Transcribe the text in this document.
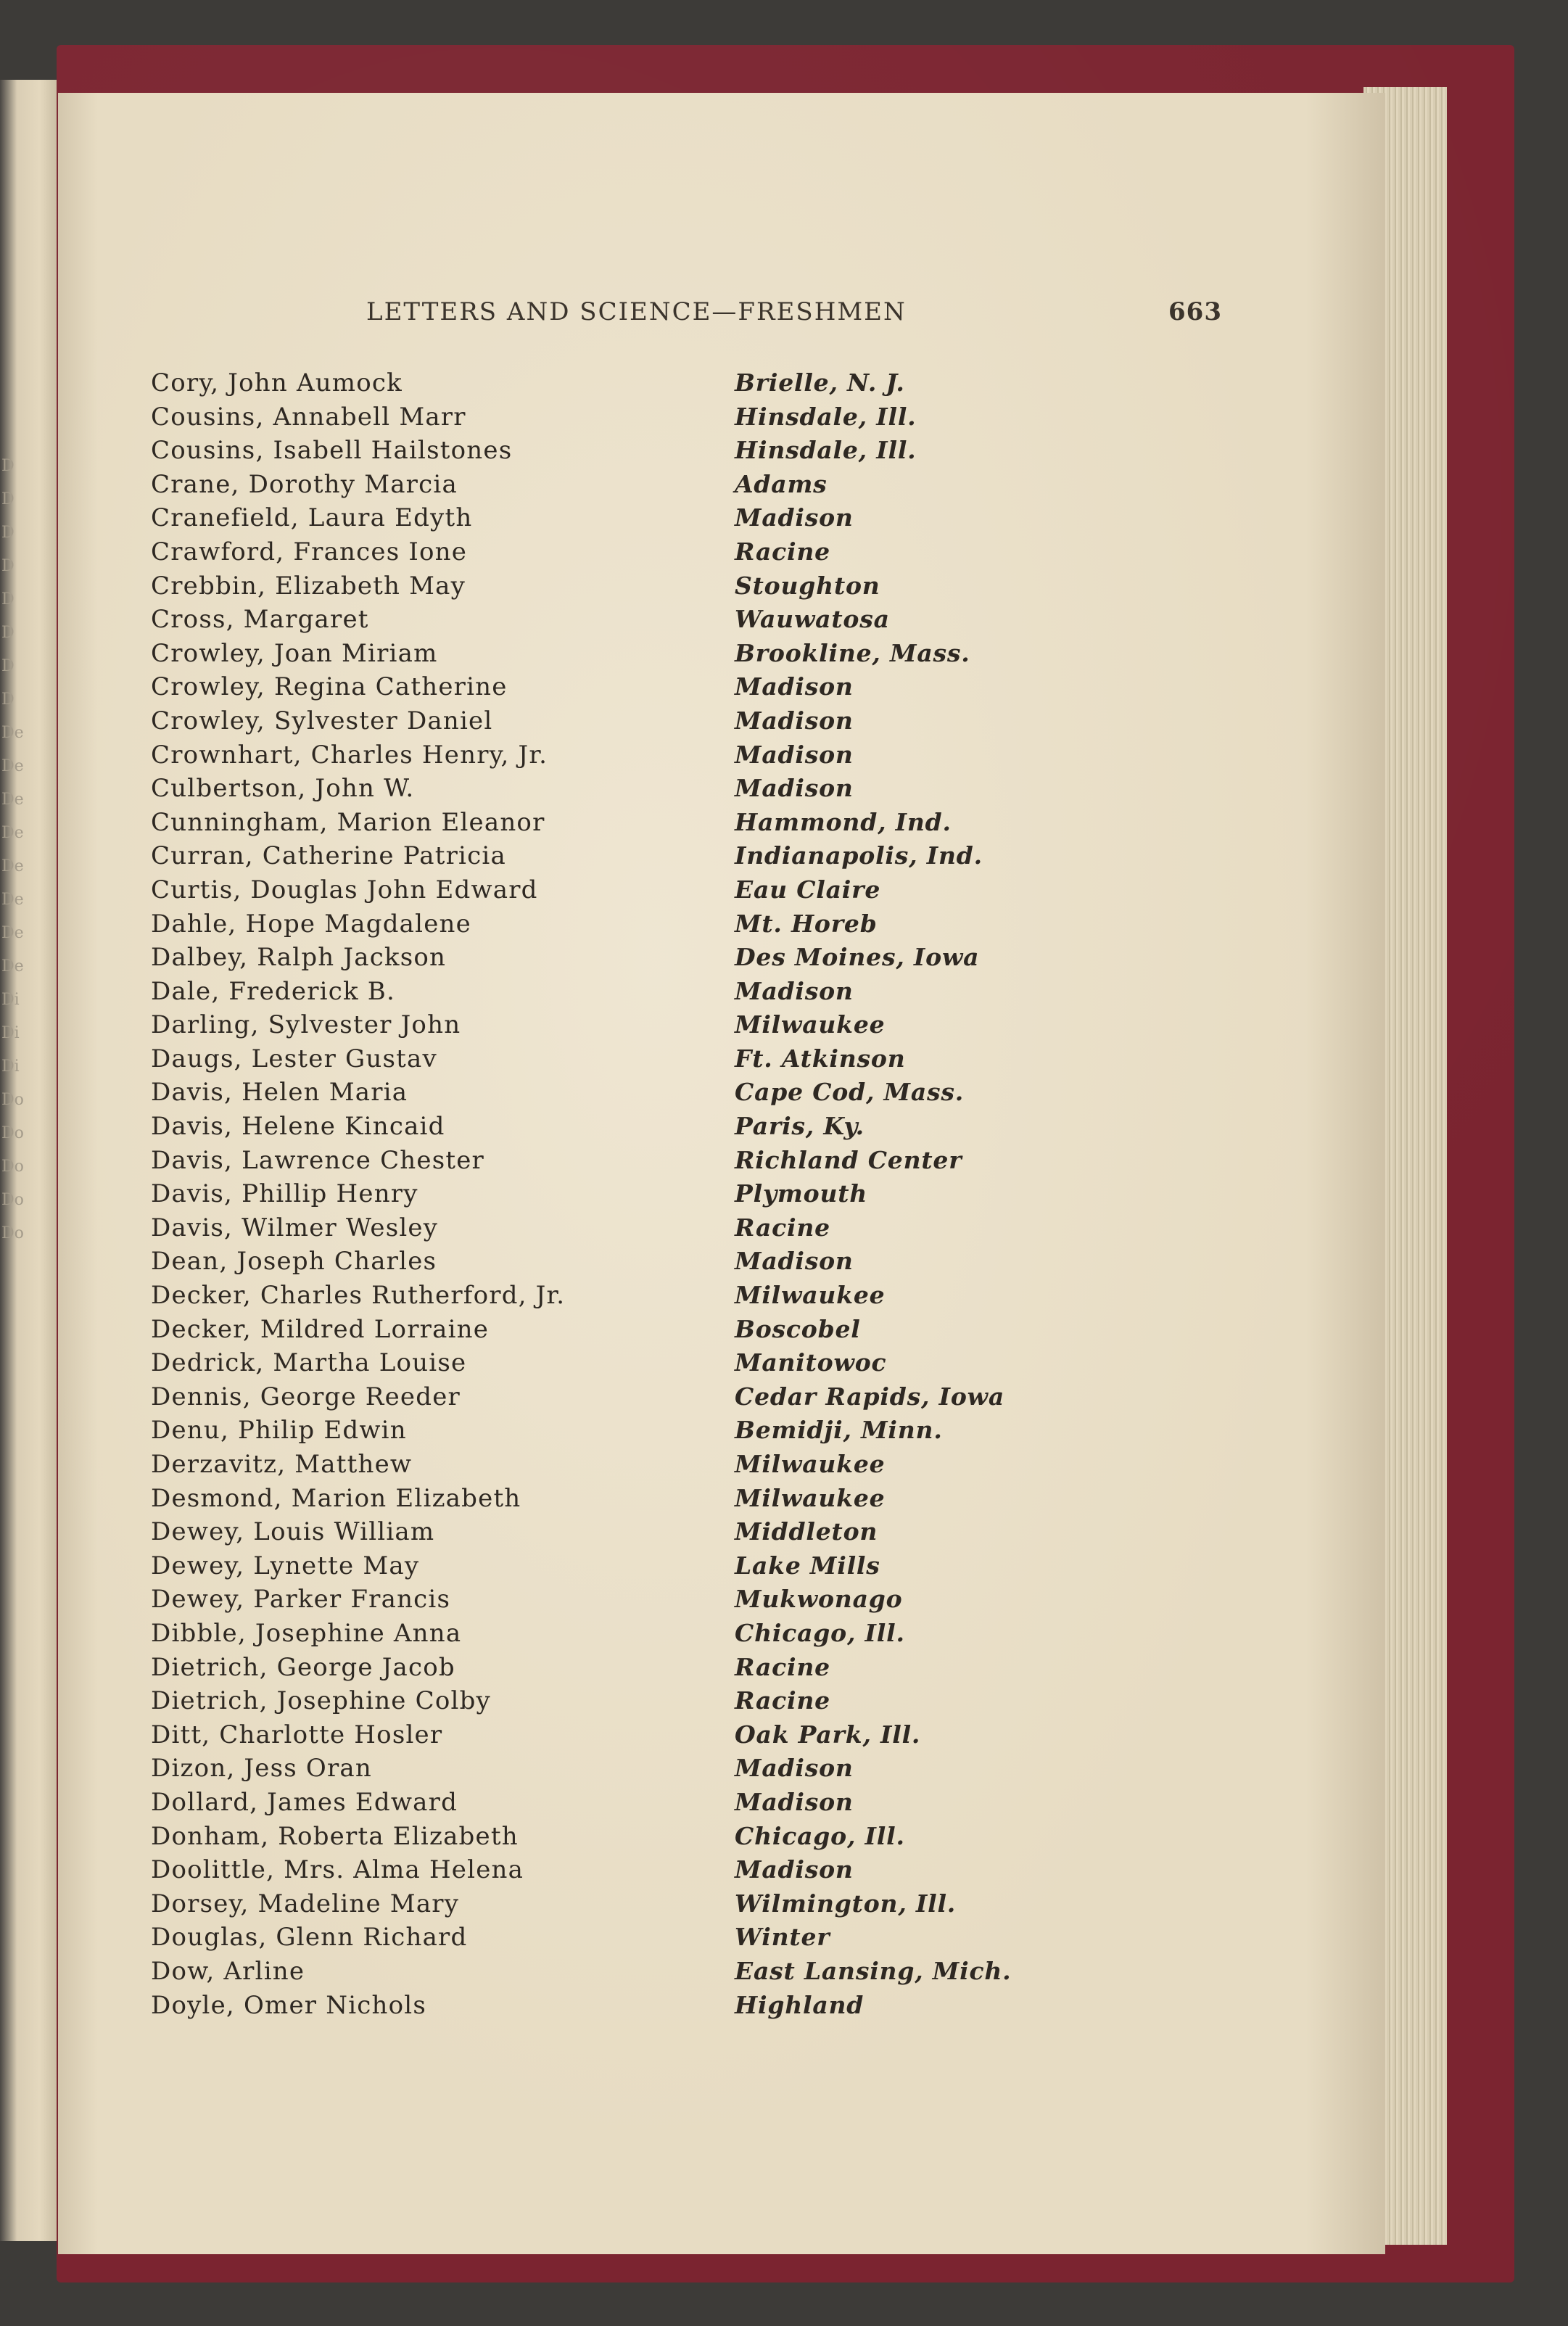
D
D
D
D
D
D
D
D
De
De
De
De
De
De
De
De
Di
Di
Di
Do
Do
Do
Do
Do
LETTERS AND SCIENCE—FRESHMEN	663
Cory, John Aumock	Brielle, N. J.
Cousins, Annabell Marr	Hinsdale, Ill.
Cousins, Isabell Hailstones	Hinsdale, Ill.
Crane, Dorothy Marcia	Adams
Cranefield, Laura Edyth	Madison
Crawford, Frances Ione	Racine
Crebbin, Elizabeth May	Stoughton
Cross, Margaret	Wauwatosa
Crowley, Joan Miriam	Brookline, Mass.
Crowley, Regina Catherine	Madison
Crowley, Sylvester Daniel	Madison
Crownhart, Charles Henry, Jr.	Madison
Culbertson, John W.	Madison
Cunningham, Marion Eleanor	Hammond, Ind.
Curran, Catherine Patricia	Indianapolis, Ind.
Curtis, Douglas John Edward	Eau Claire
Dahle, Hope Magdalene	Mt. Horeb
Dalbey, Ralph Jackson	Des Moines, Iowa
Dale, Frederick B.	Madison
Darling, Sylvester John	Milwaukee
Daugs, Lester Gustav	Ft. Atkinson
Davis, Helen Maria	Cape Cod, Mass.
Davis, Helene Kincaid	Paris, Ky.
Davis, Lawrence Chester	Richland Center
Davis, Phillip Henry	Plymouth
Davis, Wilmer Wesley	Racine
Dean, Joseph Charles	Madison
Decker, Charles Rutherford, Jr.	Milwaukee
Decker, Mildred Lorraine	Boscobel
Dedrick, Martha Louise	Manitowoc
Dennis, George Reeder	Cedar Rapids, Iowa
Denu, Philip Edwin	Bemidji, Minn.
Derzavitz, Matthew	Milwaukee
Desmond, Marion Elizabeth	Milwaukee
Dewey, Louis William	Middleton
Dewey, Lynette May	Lake Mills
Dewey, Parker Francis	Mukwonago
Dibble, Josephine Anna	Chicago, Ill.
Dietrich, George Jacob	Racine
Dietrich, Josephine Colby	Racine
Ditt, Charlotte Hosler	Oak Park, Ill.
Dizon, Jess Oran	Madison
Dollard, James Edward	Madison
Donham, Roberta Elizabeth	Chicago, Ill.
Doolittle, Mrs. Alma Helena	Madison
Dorsey, Madeline Mary	Wilmington, Ill.
Douglas, Glenn Richard	Winter
Dow, Arline	East Lansing, Mich.
Doyle, Omer Nichols	Highland
